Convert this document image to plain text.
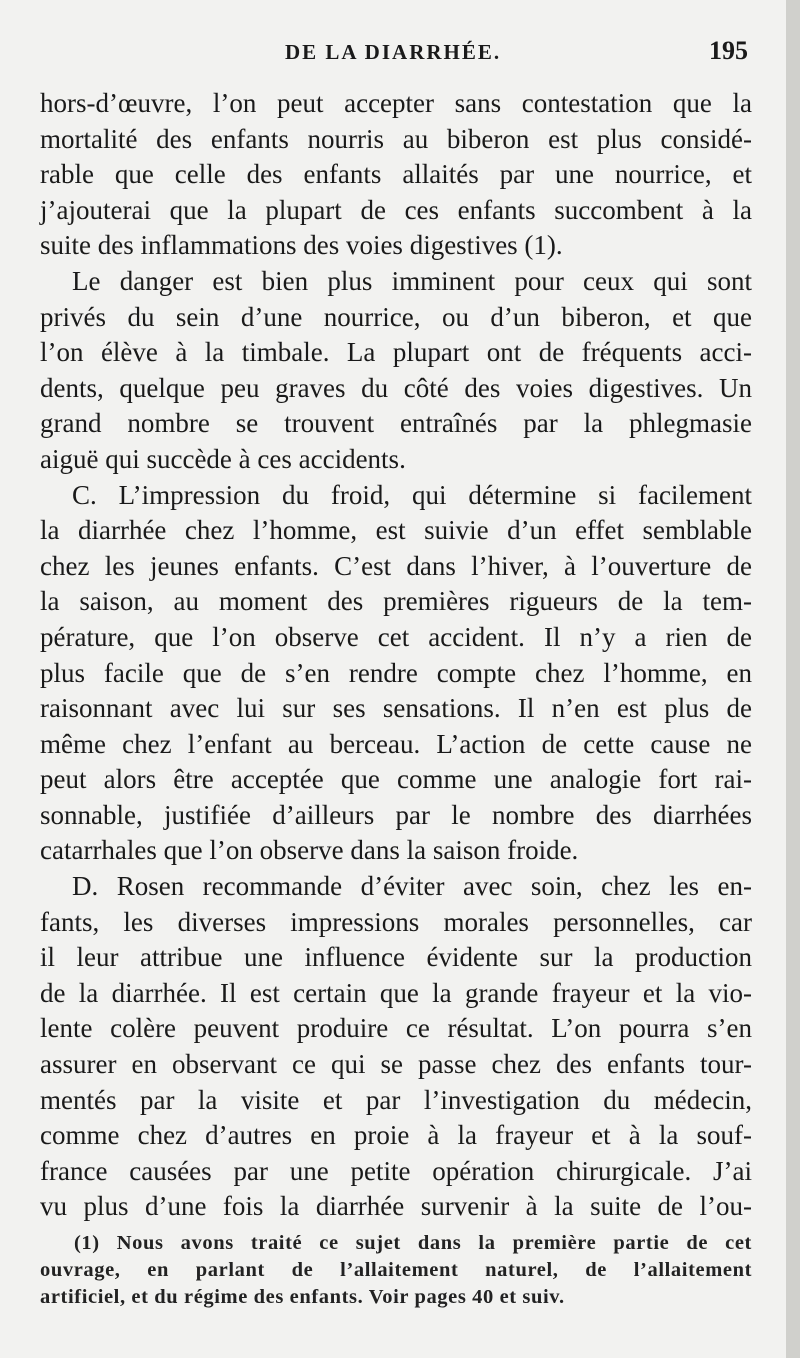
DE LA DIARRHÉE.	195
hors-d’œuvre, l’on peut accepter sans contestation que la
mortalité des enfants nourris au biberon est plus considé-
rable que celle des enfants allaités par une nourrice, et
j’ajouterai que la plupart de ces enfants succombent à la
suite des inflammations des voies digestives (1).
Le danger est bien plus imminent pour ceux qui sont
privés du sein d’une nourrice, ou d’un biberon, et que
l’on élève à la timbale. La plupart ont de fréquents acci-
dents, quelque peu graves du côté des voies digestives. Un
grand nombre se trouvent entraînés par la phlegmasie
aiguë qui succède à ces accidents.
C. L’impression du froid, qui détermine si facilement
la diarrhée chez l’homme, est suivie d’un effet semblable
chez les jeunes enfants. C’est dans l’hiver, à l’ouverture de
la saison, au moment des premières rigueurs de la tem-
pérature, que l’on observe cet accident. Il n’y a rien de
plus facile que de s’en rendre compte chez l’homme, en
raisonnant avec lui sur ses sensations. Il n’en est plus de
même chez l’enfant au berceau. L’action de cette cause ne
peut alors être acceptée que comme une analogie fort rai-
sonnable, justifiée d’ailleurs par le nombre des diarrhées
catarrhales que l’on observe dans la saison froide.
D. Rosen recommande d’éviter avec soin, chez les en-
fants, les diverses impressions morales personnelles, car
il leur attribue une influence évidente sur la production
de la diarrhée. Il est certain que la grande frayeur et la vio-
lente colère peuvent produire ce résultat. L’on pourra s’en
assurer en observant ce qui se passe chez des enfants tour-
mentés par la visite et par l’investigation du médecin,
comme chez d’autres en proie à la frayeur et à la souf-
france causées par une petite opération chirurgicale. J’ai
vu plus d’une fois la diarrhée survenir à la suite de l’ou-
(1) Nous avons traité ce sujet dans la première partie de cet
ouvrage, en parlant de l’allaitement naturel, de l’allaitement
artificiel, et du régime des enfants. Voir pages 40 et suiv.
